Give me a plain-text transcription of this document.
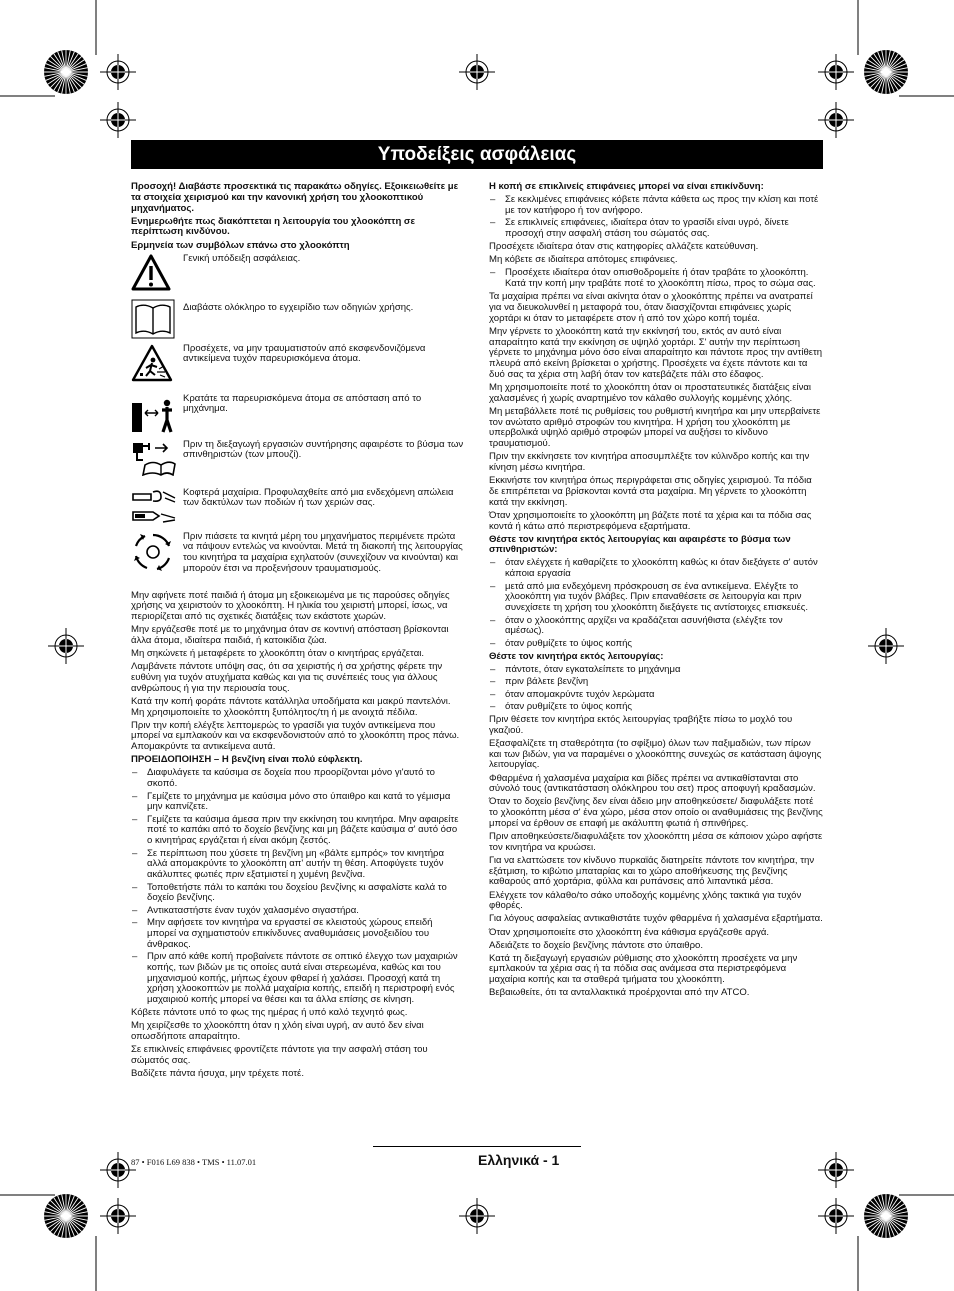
Υποδείξεις ασφάλειας

Προσοχή! Διαβάστε προσεκτικά τις παρακάτω οδηγίες. Εξοικειωθείτε με τα στοιχεία χειρισμού και την κανονική χρήση του χλοοκοπτικού μηχανήματος.

Ενημερωθήτε πως διακόπτεται η λειτουργία του χλοοκόπτη σε περίπτωση κινδύνου.

Ερμηνεία των συμβόλων επάνω στο χλοοκόπτη

Γενική υπόδειξη ασφάλειας.
Διαβάστε ολόκληρο το εγχειρίδιο των οδηγιών χρήσης.
Προσέχετε, να μην τραυματιστούν από εκσφενδονιζόμενα αντικείμενα τυχόν παρευρισκόμενα άτομα.
Κρατάτε τα παρευρισκόμενα άτομα σε απόσταση από το μηχάνημα.
Πριν τη διεξαγωγή εργασιών συντήρησης αφαιρέστε το βύσμα των σπινθηριστών (των μπουζί).
Κοφτερά μαχαίρια. Προφυλαχθείτε από μια ενδεχόμενη απώλεια των δακτύλων των ποδιών ή των χεριών σας.
Πριν πιάσετε τα κινητά μέρη του μηχανήματος περιμένετε πρώτα να πάψουν εντελώς να κινούνται. Μετά τη διακοπή της λειτουργίας του κινητήρα τα μαχαίρια εχηλατούν (συνεχίζουν να κινούνται) και μπορούν έτσι να προξενήσουν τραυματισμούς.

Μην αφήνετε ποτέ παιδιά ή άτομα μη εξοικειωμένα με τις παρούσες οδηγίες χρήσης να χειριστούν το χλοοκόπτη. Η ηλικία του χειριστή μπορεί, ίσως, να περιορίζεται από τις σχετικές διατάξεις των εκάστοτε χωρών.

Μην εργάζεσθε ποτέ με το μηχάνημα όταν σε κοντινή απόσταση βρίσκονται άλλα άτομα, ιδιαίτερα παιδιά, ή κατοικίδια ζώα.

Μη σηκώνετε ή μεταφέρετε το χλοοκόπτη όταν ο κινητήρας εργάζεται.

Λαμβάνετε πάντοτε υπόψη σας, ότι σα χειριστής ή σα χρήστης φέρετε την ευθύνη για τυχόν ατυχήματα καθώς και για τις συνέπειές τους για άλλους ανθρώπους ή για την περιουσία τους.

Κατά την κοπή φοράτε πάντοτε κατάλληλα υποδήματα και μακρύ παντελόνι. Μη χρησιμοποιείτε το χλοοκόπτη ξυπόλητος/τη ή με ανοιχτά πέδιλα.

Πριν την κοπή ελέγξτε λεπτομερώς το γρασίδι για τυχόν αντικείμενα που μπορεί να εμπλακούν και να εκσφενδονιστούν από το χλοοκόπτη προς πάνω. Απομακρύντε τα αντικείμενα αυτά.

ΠΡΟΕΙΔΟΠΟΙΗΣΗ – Η βενζίνη είναι πολύ εύφλεκτη.

– Διαφυλάγετε τα καύσιμα σε δοχεία που προορίζονται μόνο γι'αυτό το σκοπό.
– Γεμίζετε το μηχάνημα με καύσιμα μόνο στο ύπαιθρο και κατά το γέμισμα μην καπνίζετε.
– Γεμίζετε τα καύσιμα άμεσα πριν την εκκίνηση του κινητήρα. Μην αφαιρείτε ποτέ το καπάκι από το δοχείο βενζίνης και μη βάζετε καύσιμα σ' αυτό όσο ο κινητήρας εργάζεται ή είναι ακόμη ζεστός.
– Σε περίπτωση που χύσετε τη βενζίνη μη «βάλτε εμπρός» τον κινητήρα αλλά απομακρύντε το χλοοκόπτη απ' αυτήν τη θέση. Αποφύγετε τυχόν ακάλυπτες φωτιές πριν εξατμιστεί η χυμένη βενζίνα.
– Τοποθετήστε πάλι το καπάκι του δοχείου βενζίνης κι ασφαλίστε καλά το δοχείο βενζίνης.
– Αντικαταστήστε έναν τυχόν χαλασμένο σιγαστήρα.
– Μην αφήσετε τον κινητήρα να εργαστεί σε κλειστούς χώρους επειδή μπορεί να σχηματιστούν επικίνδυνες αναθυμιάσεις μονοξειδίου του άνθρακος.
– Πριν από κάθε κοπή προβαίνετε πάντοτε σε οπτικό έλεγχο των μαχαιριών κοπής, των βιδών με τις οποίες αυτά είναι στερεωμένα, καθώς και του μηχανισμού κοπής, μήπως έχουν φθαρεί ή χαλάσει. Προσοχή κατά τη χρήση χλοοκοπτών με πολλά μαχαίρια κοπής, επειδή η περιστροφή ενός μαχαιριού κοπής μπορεί να θέσει και τα άλλα επίσης σε κίνηση.

Κόβετε πάντοτε υπό το φως της ημέρας ή υπό καλό τεχνητό φως.

Μη χειρίζεσθε το χλοοκόπτη όταν η χλόη είναι υγρή, αν αυτό δεν είναι οπωσδήποτε απαραίτητο.

Σε επικλινείς επιφάνειες φροντίζετε πάντοτε για την ασφαλή στάση του σώματός σας.

Βαδίζετε πάντα ήσυχα, μην τρέχετε ποτέ.

Η κοπή σε επικλινείς επιφάνειες μπορεί να είναι επικίνδυνη:

– Σε κεκλιμένες επιφάνειες κόβετε πάντα κάθετα ως προς την κλίση και ποτέ με τον κατήφορο ή τον ανήφορο.
– Σε επικλινείς επιφάνειες, ιδιαίτερα όταν το γρασίδι είναι υγρό, δίνετε προσοχή στην ασφαλή στάση του σώματός σας.

Προσέχετε ιδιαίτερα όταν στις κατηφορίες αλλάζετε κατεύθυνση.

Μη κόβετε σε ιδιαίτερα απότομες επιφάνειες.

– Προσέχετε ιδιαίτερα όταν οπισθοδρομείτε ή όταν τραβάτε το χλοοκόπτη. Κατά την κοπή μην τραβάτε ποτέ το χλοοκόπτη πίσω, προς το σώμα σας.

Τα μαχαίρια πρέπει να είναι ακίνητα όταν ο χλοοκόπτης πρέπει να ανατραπεί για να διευκολυνθεί η μεταφορά του, όταν διασχίζονται επιφάνειες χωρίς χορτάρι κι όταν το μεταφέρετε στον ή από τον χώρο κοπή τομέα.

Μην γέρνετε το χλοοκόπτη κατά την εκκίνησή του, εκτός αν αυτό είναι απαραίτητο κατά την εκκίνηση σε υψηλό χορτάρι. Σ' αυτήν την περίπτωση γέρνετε το μηχάνημα μόνο όσο είναι απαραίτητο και πάντοτε προς την αντίθετη πλευρά από εκείνη βρίσκεται ο χρήστης. Προσέχετε να έχετε πάντοτε και τα δυό σας τα χέρια στη λαβή όταν τον κατεβάζετε πάλι στο έδαφος.

Μη χρησιμοποιείτε ποτέ το χλοοκόπτη όταν οι προστατευτικές διατάξεις είναι χαλασμένες ή χωρίς αναρτημένο τον κάλαθο συλλογής κομμένης χλόης.

Μη μεταβάλλετε ποτέ τις ρυθμίσεις του ρυθμιστή κινητήρα και μην υπερβαίνετε τον ανώτατο αριθμό στροφών του κινητήρα. Η χρήση του χλοοκόπτη με υπερβολικά υψηλό αριθμό στροφών μπορεί να αυξήσει το κίνδυνο τραυματισμού.

Πριν την εκκίνησετε τον κινητήρα αποσυμπλέξτε τον κύλινδρο κοπής και την κίνηση μέσω κινητήρα.

Εκκινήστε τον κινητήρα όπως περιγράφεται στις οδηγίες χειρισμού. Τα πόδια δε επιτρέπεται να βρίσκονται κοντά στα μαχαίρια. Μη γέρνετε το χλοοκόπτη κατά την εκκίνηση.

Όταν χρησιμοποιείτε το χλοοκόπτη μη βάζετε ποτέ τα χέρια και τα πόδια σας κοντά ή κάτω από περιστρεφόμενα εξαρτήματα.

Θέστε τον κινητήρα εκτός λειτουργίας και αφαιρέστε το βύσμα των σπινθηριστών:

– όταν ελέγχετε ή καθαρίζετε το χλοοκόπτη καθώς κι όταν διεξάγετε σ' αυτόν κάποια εργασία
– μετά από μια ενδεχόμενη πρόσκρουση σε ένα αντικείμενα. Ελέγξτε το χλοοκόπτη για τυχόν βλάβες. Πριν επαναθέσετε σε λειτουργία και πριν συνεχίσετε τη χρήση του χλοοκόπτη διεξάγετε τις αντίστοιχες επισκευές.
– όταν ο χλοοκόπτης αρχίζει να κραδάζεται ασυνήθιστα (ελέγξτε τον αμέσως).
– όταν ρυθμίζετε το ύψος κοπής

Θέστε τον κινητήρα εκτός λειτουργίας:

– πάντοτε, όταν εγκαταλείπετε το μηχάνημα
– πριν βάλετε βενζίνη
– όταν απομακρύντε τυχόν λερώματα
– όταν ρυθμίζετε το ύψος κοπής

Πριν θέσετε τον κινητήρα εκτός λειτουργίας τραβήξτε πίσω το μοχλό του γκαζιού.

Εξασφαλίζετε τη σταθερότητα (το σφίξιμο) όλων των παξιμαδιών, των πίρων και των βιδών, για να παραμένει ο χλοοκόπτης συνεχώς σε κατάσταση άψογης λειτουργίας.

Φθαρμένα ή χαλασμένα μαχαίρια και βίδες πρέπει να αντικαθίστανται στο σύνολό τους (αντικατάσταση ολόκληρου του σετ) προς αποφυγή κραδασμών.

Όταν το δοχείο βενζίνης δεν είναι άδειο μην αποθηκεύσετε/ διαφυλάξετε ποτέ το χλοοκόπτη μέσα σ' ένα χώρο, μέσα στον οποίο οι αναθυμιάσεις της βενζίνης μπορεί να έρθουν σε επαφή με ακάλυπτη φωτιά ή σπινθήρες.

Πριν αποθηκεύσετε/διαφυλάξετε τον χλοοκόπτη μέσα σε κάποιον χώρο αφήστε τον κινητήρα να κρυώσει.

Για να ελαττώσετε τον κίνδυνο πυρκαϊάς διατηρείτε πάντοτε τον κινητήρα, την εξάτμιση, το κιβώτιο μπαταρίας και το χώρο αποθήκευσης της βενζίνης καθαρούς από χορτάρια, φύλλα και ρυπάνσεις από λιπαντικά μέσα.

Ελέγχετε τον κάλαθο/το σάκο υποδοχής κομμένης χλόης τακτικά για τυχόν φθορές.

Για λόγους ασφαλείας αντικαθιστάτε τυχόν φθαρμένα ή χαλασμένα εξαρτήματα.

Όταν χρησιμοποιείτε στο χλοοκόπτη ένα κάθισμα εργάζεσθε αργά.

Αδειάζετε το δοχείο βενζίνης πάντοτε στο ύπαιθρο.

Κατά τη διεξαγωγή εργασιών ρύθμισης στο χλοοκόπτη προσέχετε να μην εμπλακούν τα χέρια σας ή τα πόδια σας ανάμεσα στα περιστρεφόμενα μαχαίρια κοπής και τα σταθερά τμήματα του χλοοκόπτη.

Βεβαιωθείτε, ότι τα ανταλλακτικά προέρχονται από την ATCO.

87 • F016 L69 838 • TMS • 11.07.01	Ελληνικά - 1
